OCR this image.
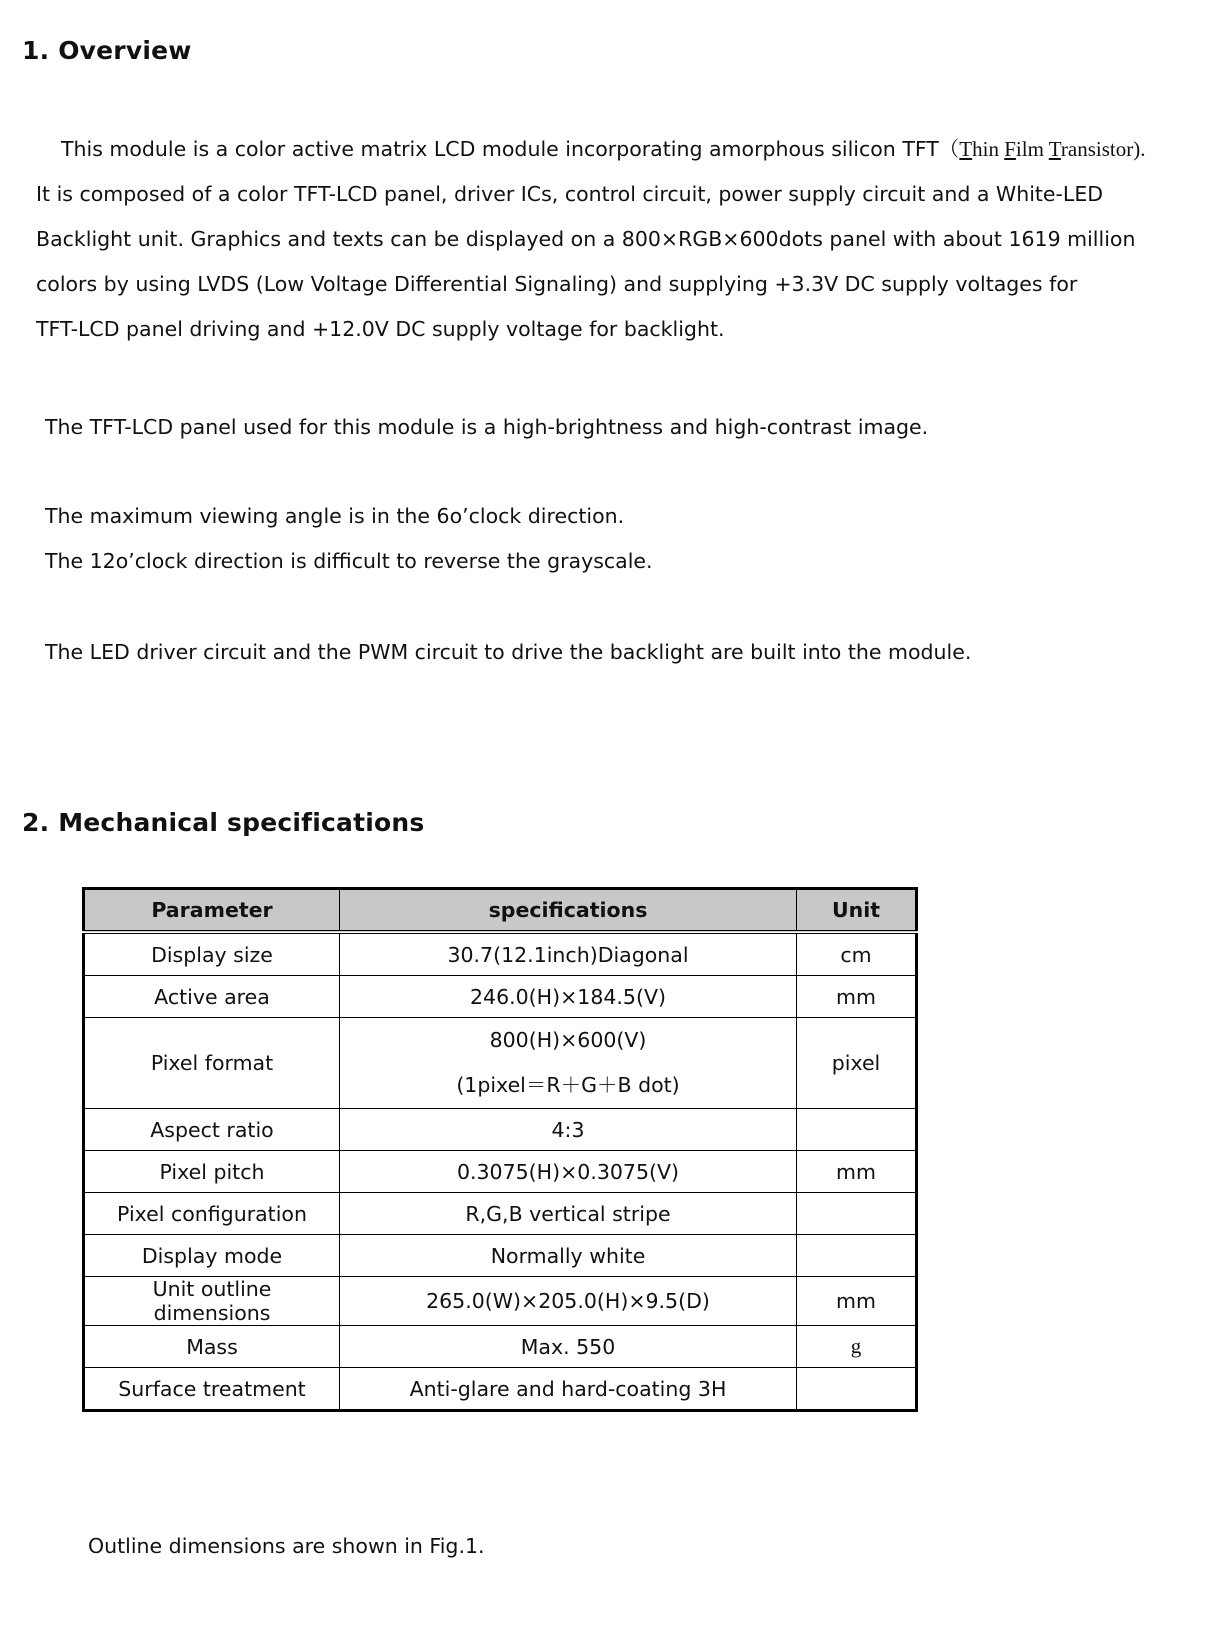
1. Overview
This module is a color active matrix LCD module incorporating amorphous silicon TFT（Thin Film Transistor).
It is composed of a color TFT-LCD panel, driver ICs, control circuit, power supply circuit and a White-LED
Backlight unit. Graphics and texts can be displayed on a 800×RGB×600dots panel with about 1619 million
colors by using LVDS (Low Voltage Differential Signaling) and supplying +3.3V DC supply voltages for
TFT-LCD panel driving and +12.0V DC supply voltage for backlight.

The TFT-LCD panel used for this module is a high-brightness and high-contrast image.

The maximum viewing angle is in the 6o’clock direction.
The 12o’clock direction is difficult to reverse the grayscale.

The LED driver circuit and the PWM circuit to drive the backlight are built into the module.

2. Mechanical specifications
Parameter	specifications	Unit
Display size	30.7(12.1inch)Diagonal	cm
Active area	246.0(H)×184.5(V)	mm
Pixel format	800(H)×600(V)
(1pixel＝R＋G＋B dot)	pixel
Aspect ratio	4:3	
Pixel pitch	0.3075(H)×0.3075(V)	mm
Pixel configuration	R,G,B vertical stripe	
Display mode	Normally white	
Unit outline dimensions	265.0(W)×205.0(H)×9.5(D)	mm
Mass	Max. 550	g
Surface treatment	Anti-glare and hard-coating 3H	

Outline dimensions are shown in Fig.1.
